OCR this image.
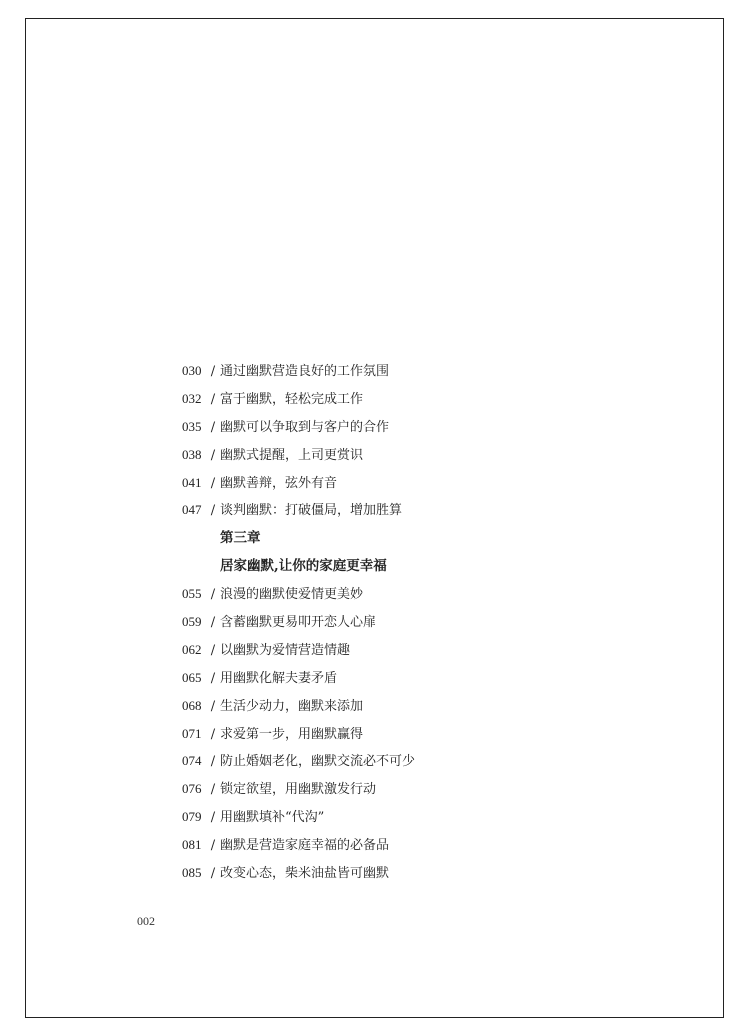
030 / 通过幽默营造良好的工作氛围
032 / 富于幽默，轻松完成工作
035 / 幽默可以争取到与客户的合作
038 / 幽默式提醒，上司更赏识
041 / 幽默善辩，弦外有音
047 / 谈判幽默：打破僵局，增加胜算
第三章
居家幽默,让你的家庭更幸福
055 / 浪漫的幽默使爱情更美妙
059 / 含蓄幽默更易叩开恋人心扉
062 / 以幽默为爱情营造情趣
065 / 用幽默化解夫妻矛盾
068 / 生活少动力，幽默来添加
071 / 求爱第一步，用幽默赢得
074 / 防止婚姻老化，幽默交流必不可少
076 / 锁定欲望，用幽默激发行动
079 / 用幽默填补“代沟”
081 / 幽默是营造家庭幸福的必备品
085 / 改变心态，柴米油盐皆可幽默
002
